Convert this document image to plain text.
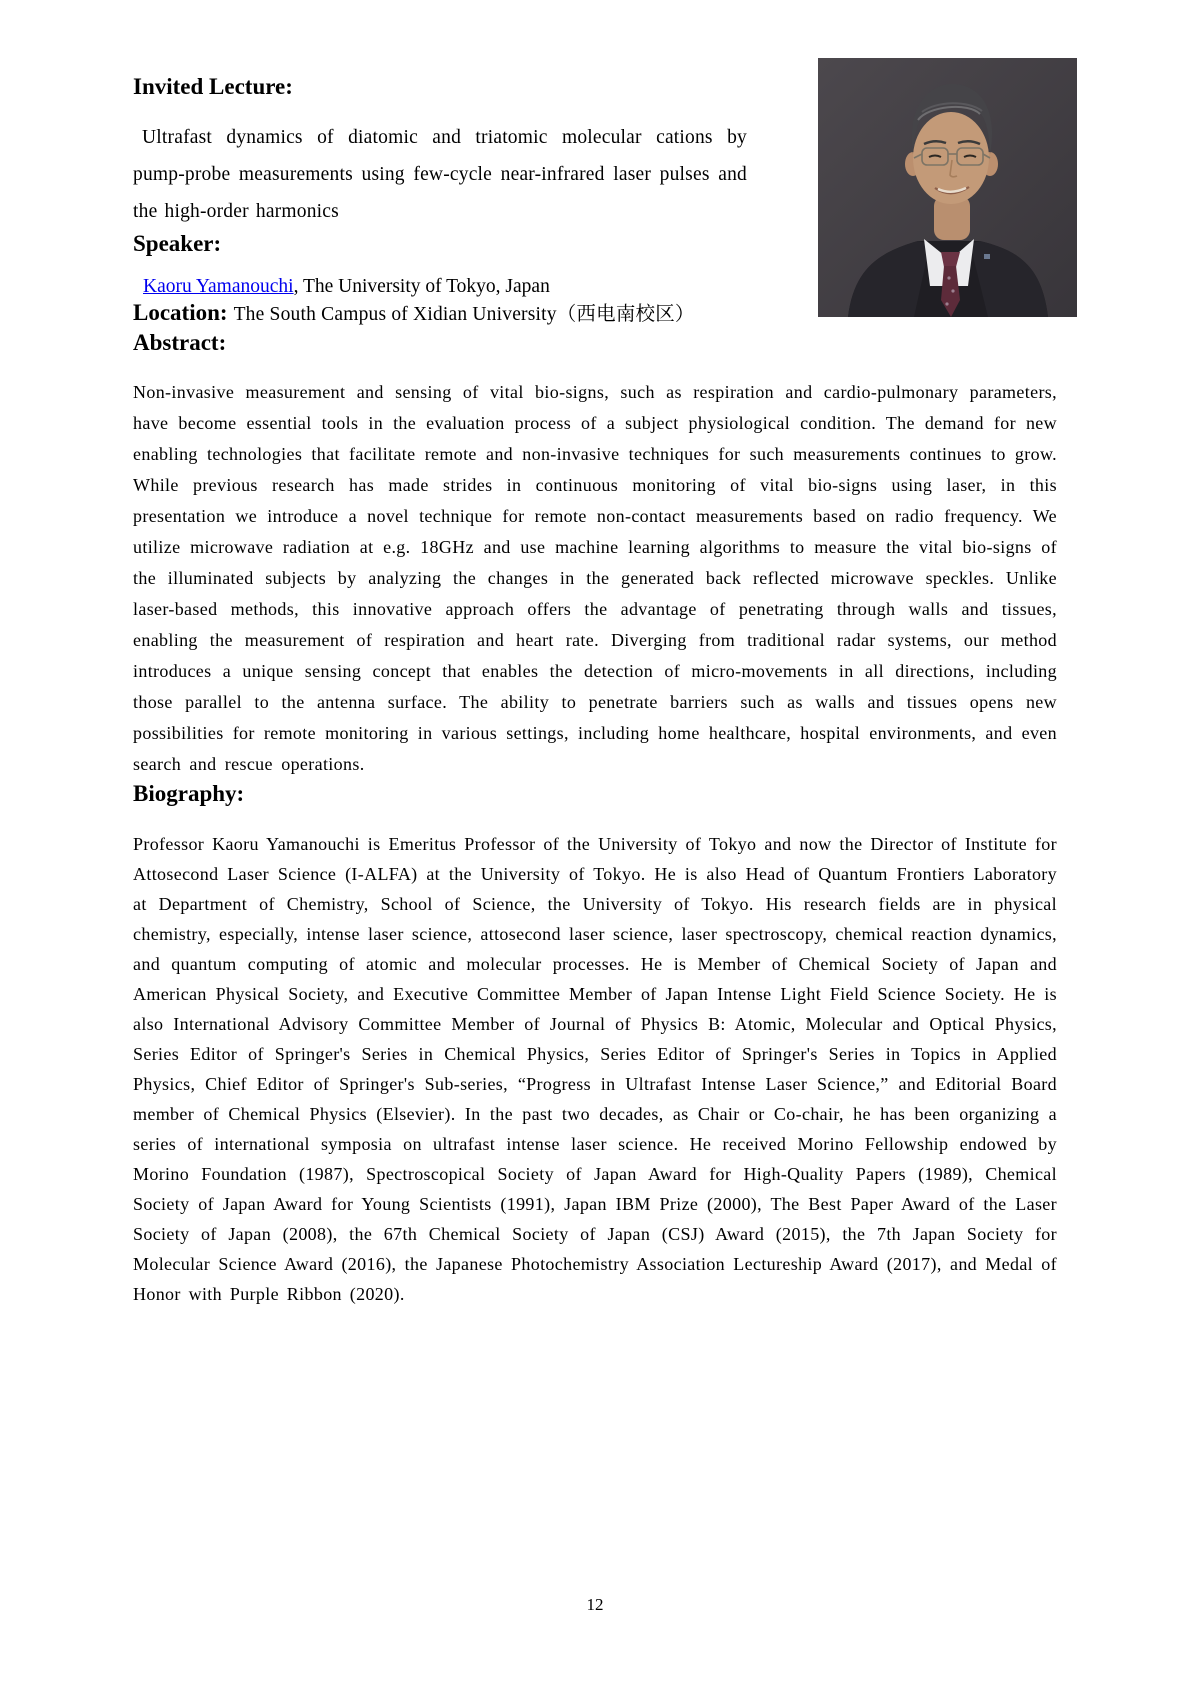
Invited Lecture:

Ultrafast dynamics of diatomic and triatomic molecular cations by pump-probe measurements using few-cycle near-infrared laser pulses and the high-order harmonics

Speaker:

Kaoru Yamanouchi, The University of Tokyo, Japan

Location: The South Campus of Xidian University（西电南校区）
Abstract:

Non-invasive measurement and sensing of vital bio-signs, such as respiration and cardio-pulmonary parameters, have become essential tools in the evaluation process of a subject physiological condition. The demand for new enabling technologies that facilitate remote and non-invasive techniques for such measurements continues to grow. While previous research has made strides in continuous monitoring of vital bio-signs using laser, in this presentation we introduce a novel technique for remote non-contact measurements based on radio frequency. We utilize microwave radiation at e.g. 18GHz and use machine learning algorithms to measure the vital bio-signs of the illuminated subjects by analyzing the changes in the generated back reflected microwave speckles. Unlike laser-based methods, this innovative approach offers the advantage of penetrating through walls and tissues, enabling the measurement of respiration and heart rate. Diverging from traditional radar systems, our method introduces a unique sensing concept that enables the detection of micro-movements in all directions, including those parallel to the antenna surface. The ability to penetrate barriers such as walls and tissues opens new possibilities for remote monitoring in various settings, including home healthcare, hospital environments, and even search and rescue operations.

Biography:

Professor Kaoru Yamanouchi is Emeritus Professor of the University of Tokyo and now the Director of Institute for Attosecond Laser Science (I-ALFA) at the University of Tokyo. He is also Head of Quantum Frontiers Laboratory at Department of Chemistry, School of Science, the University of Tokyo. His research fields are in physical chemistry, especially, intense laser science, attosecond laser science, laser spectroscopy, chemical reaction dynamics, and quantum computing of atomic and molecular processes. He is Member of Chemical Society of Japan and American Physical Society, and Executive Committee Member of Japan Intense Light Field Science Society. He is also International Advisory Committee Member of Journal of Physics B: Atomic, Molecular and Optical Physics, Series Editor of Springer's Series in Chemical Physics, Series Editor of Springer's Series in Topics in Applied Physics, Chief Editor of Springer's Sub-series, “Progress in Ultrafast Intense Laser Science,” and Editorial Board member of Chemical Physics (Elsevier). In the past two decades, as Chair or Co-chair, he has been organizing a series of international symposia on ultrafast intense laser science. He received Morino Fellowship endowed by Morino Foundation (1987), Spectroscopical Society of Japan Award for High-Quality Papers (1989), Chemical Society of Japan Award for Young Scientists (1991), Japan IBM Prize (2000), The Best Paper Award of the Laser Society of Japan (2008), the 67th Chemical Society of Japan (CSJ) Award (2015), the 7th Japan Society for Molecular Science Award (2016), the Japanese Photochemistry Association Lectureship Award (2017), and Medal of Honor with Purple Ribbon (2020).

12
